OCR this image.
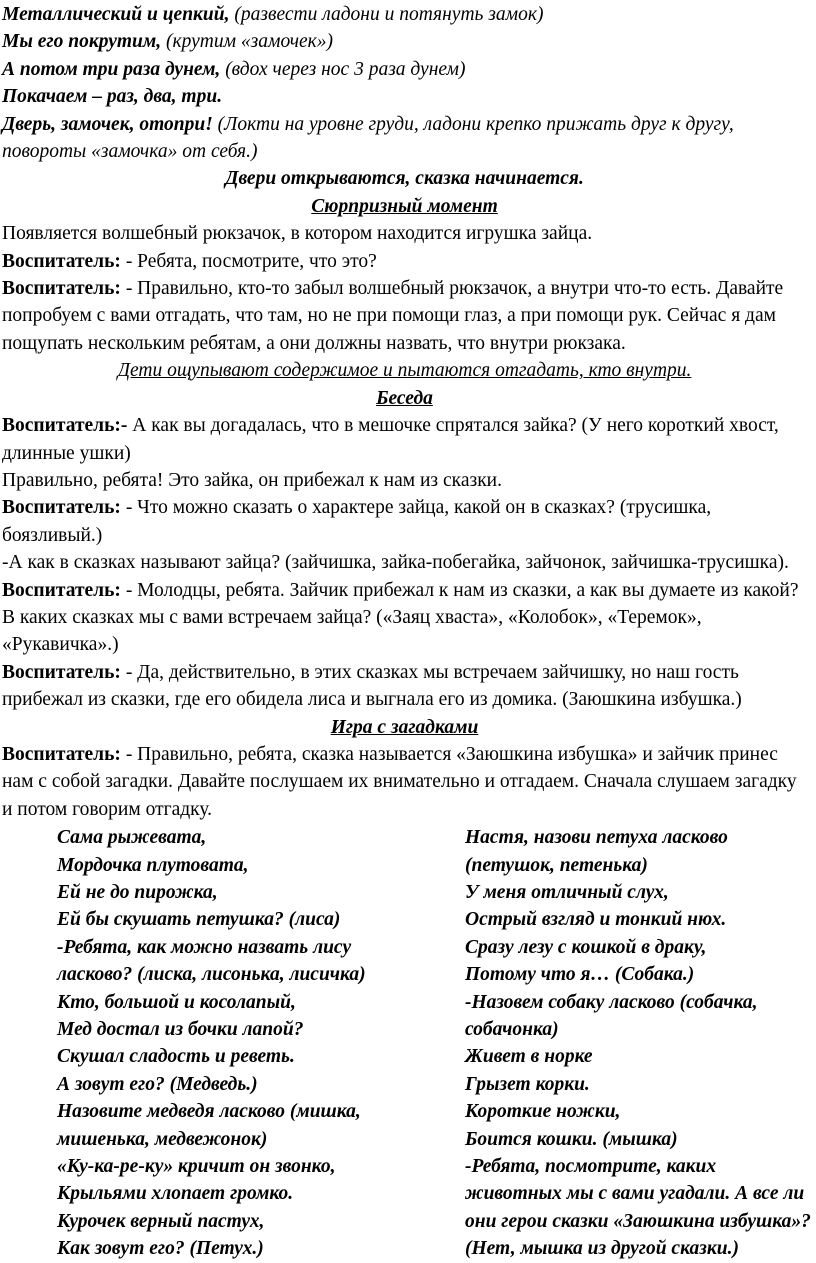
Металлический и цепкий, (развести ладони и потянуть замок)

Мы его покрутим, (крутим «замочек»)

А потом три раза дунем, (вдох через нос 3 раза дунем)

Покачаем – раз, два, три.

Дверь, замочек, отопри! (Локти на уровне груди, ладони крепко прижать друг к другу, повороты «замочка» от себя.)

Двери открываются, сказка начинается.

Сюрпризный момент

Появляется волшебный рюкзачок, в котором находится игрушка зайца.

Воспитатель: - Ребята, посмотрите, что это?

Воспитатель: - Правильно, кто-то забыл волшебный рюкзачок, а внутри что-то есть. Давайте попробуем с вами отгадать, что там, но не при помощи глаз, а при помощи рук. Сейчас я дам пощупать нескольким ребятам, а они должны назвать, что внутри рюкзака.

Дети ощупывают содержимое и пытаются отгадать, кто внутри.

Беседа

Воспитатель:- А как вы догадалась, что в мешочке спрятался зайка? (У него короткий хвост, длинные ушки)

Правильно, ребята! Это зайка, он прибежал к нам из сказки.

Воспитатель: - Что можно сказать о характере зайца, какой он в сказках? (трусишка, боязливый.)

-А как в сказках называют зайца? (зайчишка, зайка-побегайка, зайчонок, зайчишка-трусишка).

Воспитатель: - Молодцы, ребята. Зайчик прибежал к нам из сказки, а как вы думаете из какой? В каких сказках мы с вами встречаем зайца? («Заяц хваста», «Колобок», «Теремок», «Рукавичка».)

Воспитатель: - Да, действительно, в этих сказках мы встречаем зайчишку, но наш гость прибежал из сказки, где его обидела лиса и выгнала его из домика. (Заюшкина избушка.)

Игра с загадками

Воспитатель: - Правильно, ребята, сказка называется «Заюшкина избушка» и зайчик принес нам с собой загадки. Давайте послушаем их внимательно и отгадаем. Сначала слушаем загадку и потом говорим отгадку.

Сама рыжевата,
Мордочка плутовата,
Ей не до пирожка,
Ей бы скушать петушка? (лиса)
-Ребята, как можно назвать лису
ласково? (лиска, лисонька, лисичка)
Кто, большой и косолапый,
Мед достал из бочки лапой?
Скушал сладость и реветь.
А зовут его? (Медведь.)
Назовите медведя ласково (мишка,
мишенька, медвежонок)
«Ку-ка-ре-ку» кричит он звонко,
Крыльями хлопает громко.
Курочек верный пастух,
Как зовут его? (Петух.)
Настя, назови петуха ласково
(петушок, петенька)
У меня отличный слух,
Острый взгляд и тонкий нюх.
Сразу лезу с кошкой в драку,
Потому что я… (Собака.)
-Назовем собаку ласково (собачка,
собачонка)
Живет в норке
Грызет корки.
Короткие ножки,
Боится кошки. (мышка)
-Ребята, посмотрите, каких
животных мы с вами угадали. А все ли
они герои сказки «Заюшкина избушка»?
(Нет, мышка из другой сказки.)
